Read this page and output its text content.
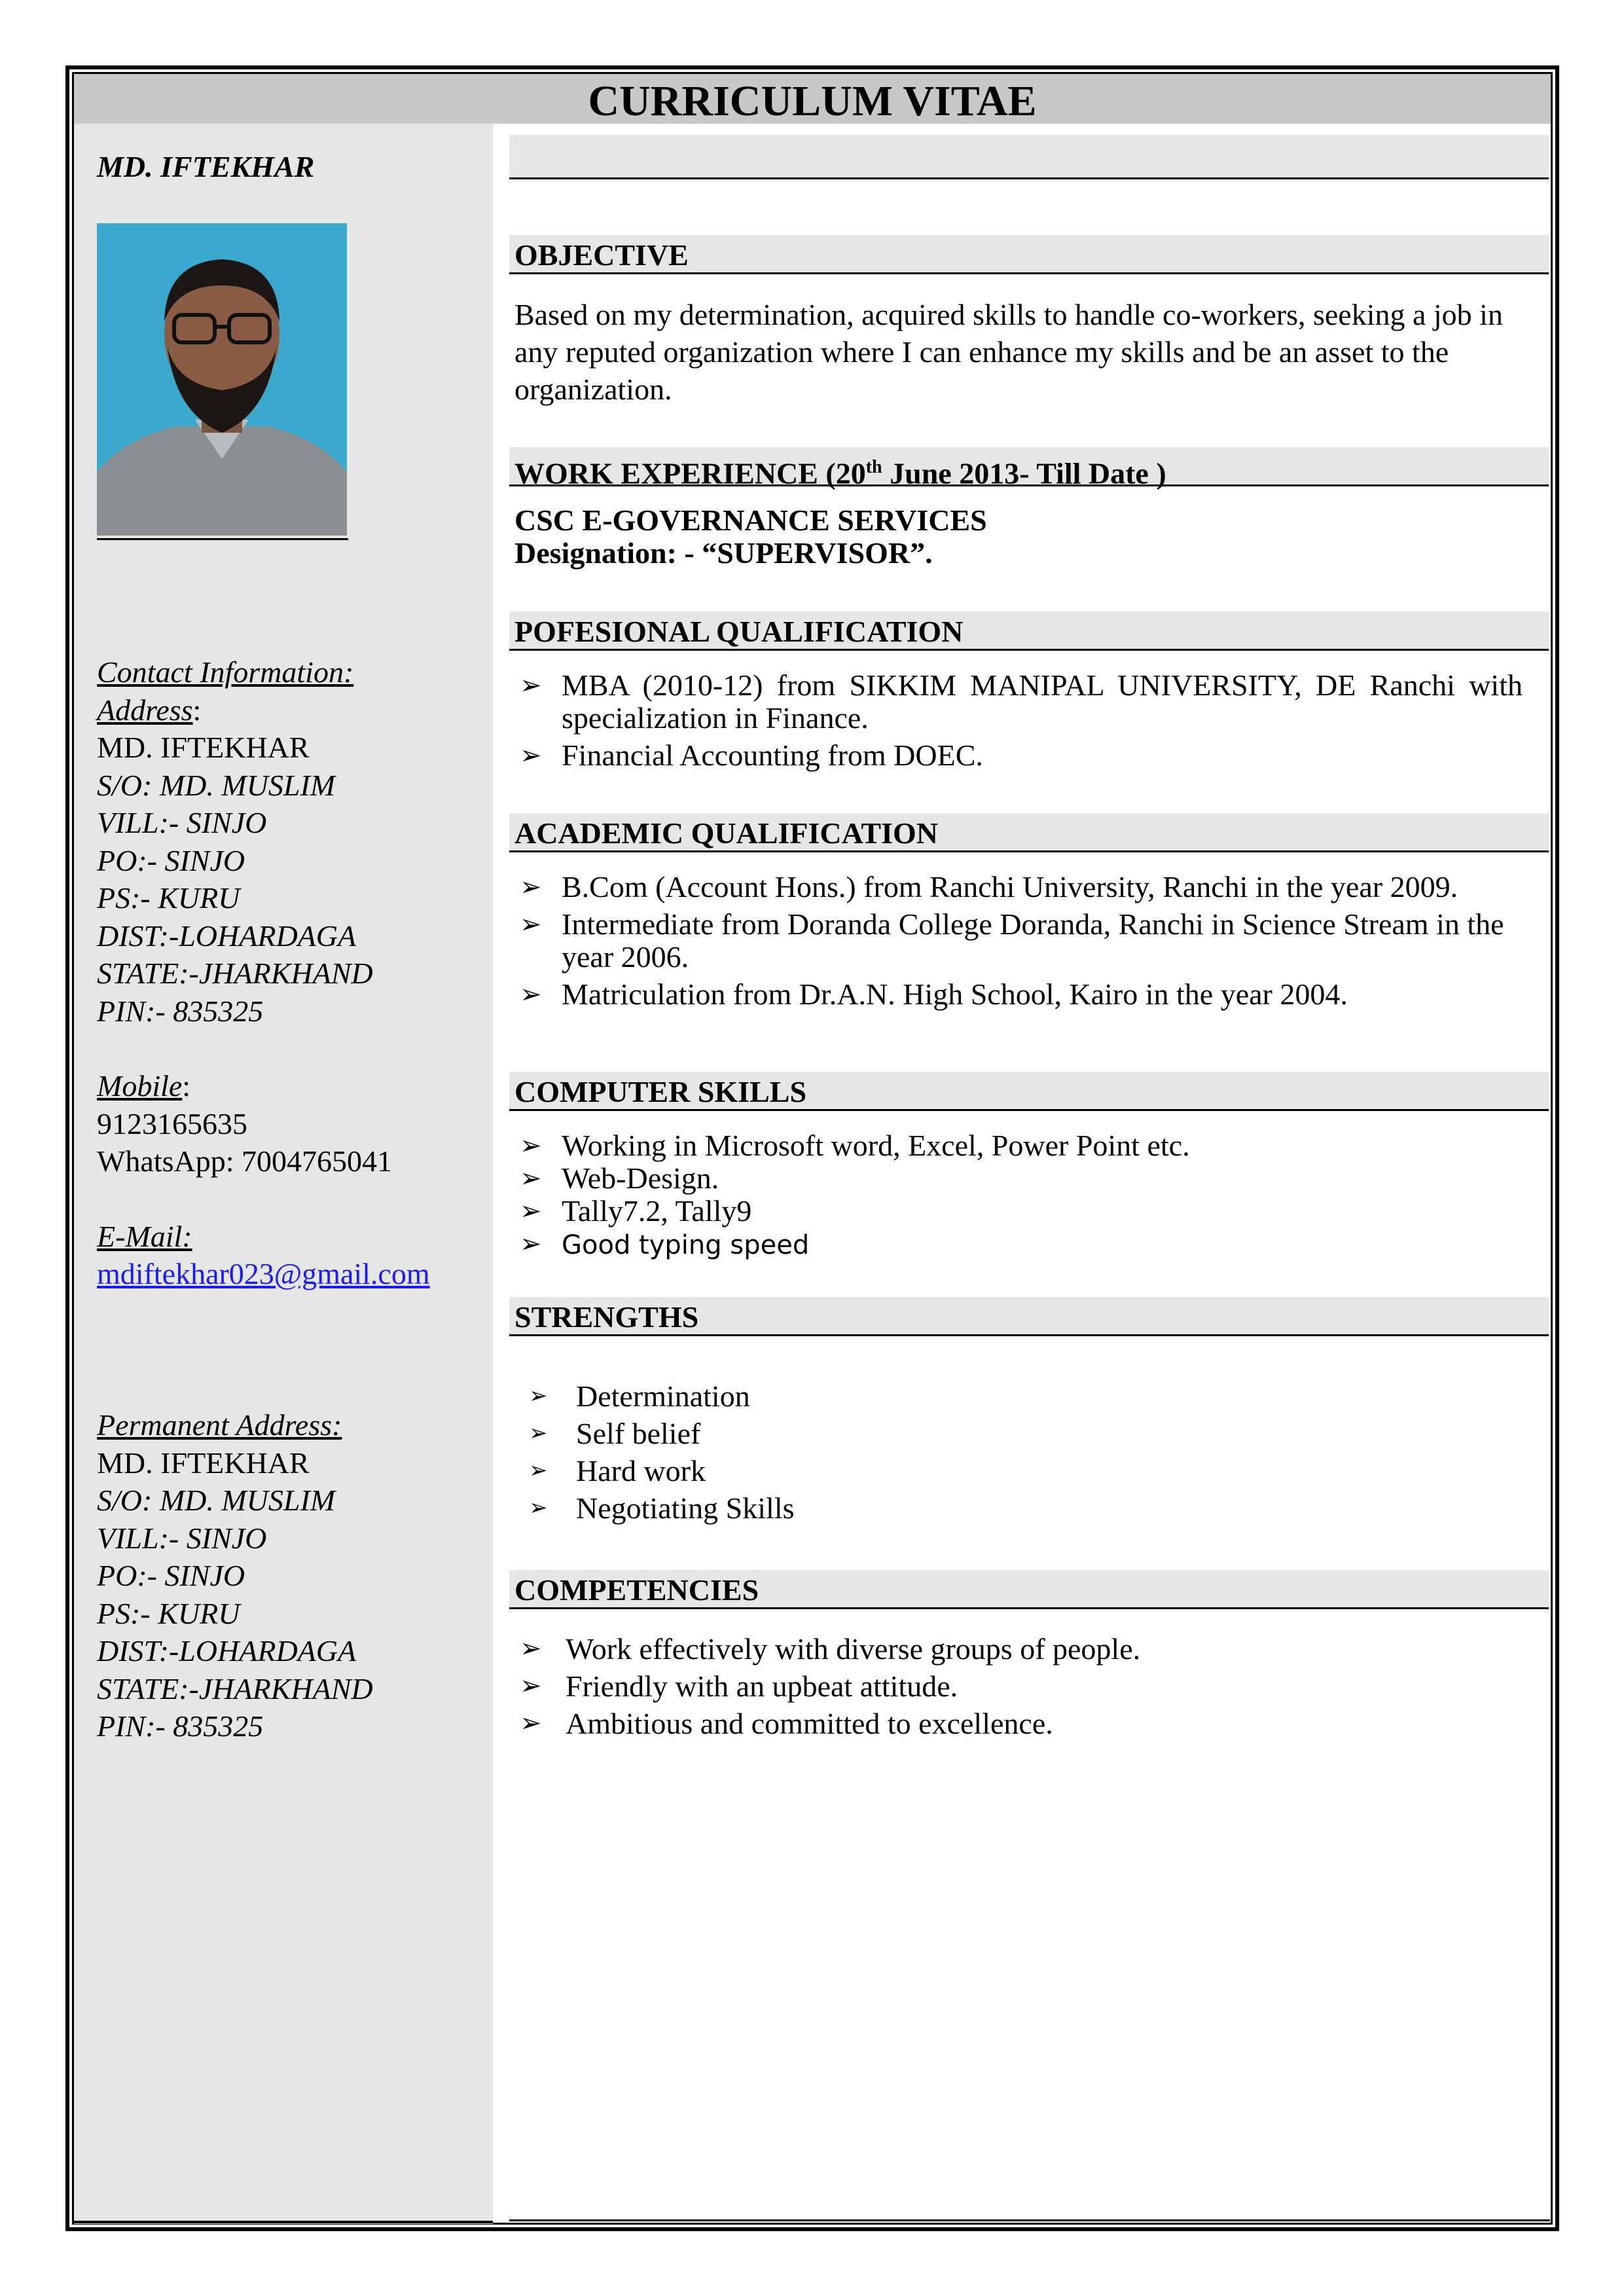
CURRICULUM VITAE
MD. IFTEKHAR
Contact Information:
Address:
MD. IFTEKHAR
S/O: MD. MUSLIM
VILL:- SINJO
PO:- SINJO
PS:- KURU
DIST:-LOHARDAGA
STATE:-JHARKHAND
PIN:- 835325
Mobile:
9123165635
WhatsApp: 7004765041
E-Mail:
mdiftekhar023@gmail.com
Permanent Address:
MD. IFTEKHAR
S/O: MD. MUSLIM
VILL:- SINJO
PO:- SINJO
PS:- KURU
DIST:-LOHARDAGA
STATE:-JHARKHAND
PIN:- 835325
OBJECTIVE
Based on my determination, acquired skills to handle co-workers, seeking a job in any reputed organization where I can enhance my skills and be an asset to the organization.
WORK EXPERIENCE (20th June 2013- Till Date )
CSC E-GOVERNANCE SERVICES
Designation: - “SUPERVISOR”.
POFESIONAL QUALIFICATION
➢ MBA (2010-12) from SIKKIM MANIPAL UNIVERSITY, DE Ranchi with specialization in Finance.
➢ Financial Accounting from DOEC.
ACADEMIC QUALIFICATION
➢ B.Com (Account Hons.) from Ranchi University, Ranchi in the year 2009.
➢ Intermediate from Doranda College Doranda, Ranchi in Science Stream in the year 2006.
➢ Matriculation from Dr.A.N. High School, Kairo in the year 2004.
COMPUTER SKILLS
➢ Working in Microsoft word, Excel, Power Point etc.
➢ Web-Design.
➢ Tally7.2, Tally9
➢ Good typing speed
STRENGTHS
➢ Determination
➢ Self belief
➢ Hard work
➢ Negotiating Skills
COMPETENCIES
➢ Work effectively with diverse groups of people.
➢ Friendly with an upbeat attitude.
➢ Ambitious and committed to excellence.
